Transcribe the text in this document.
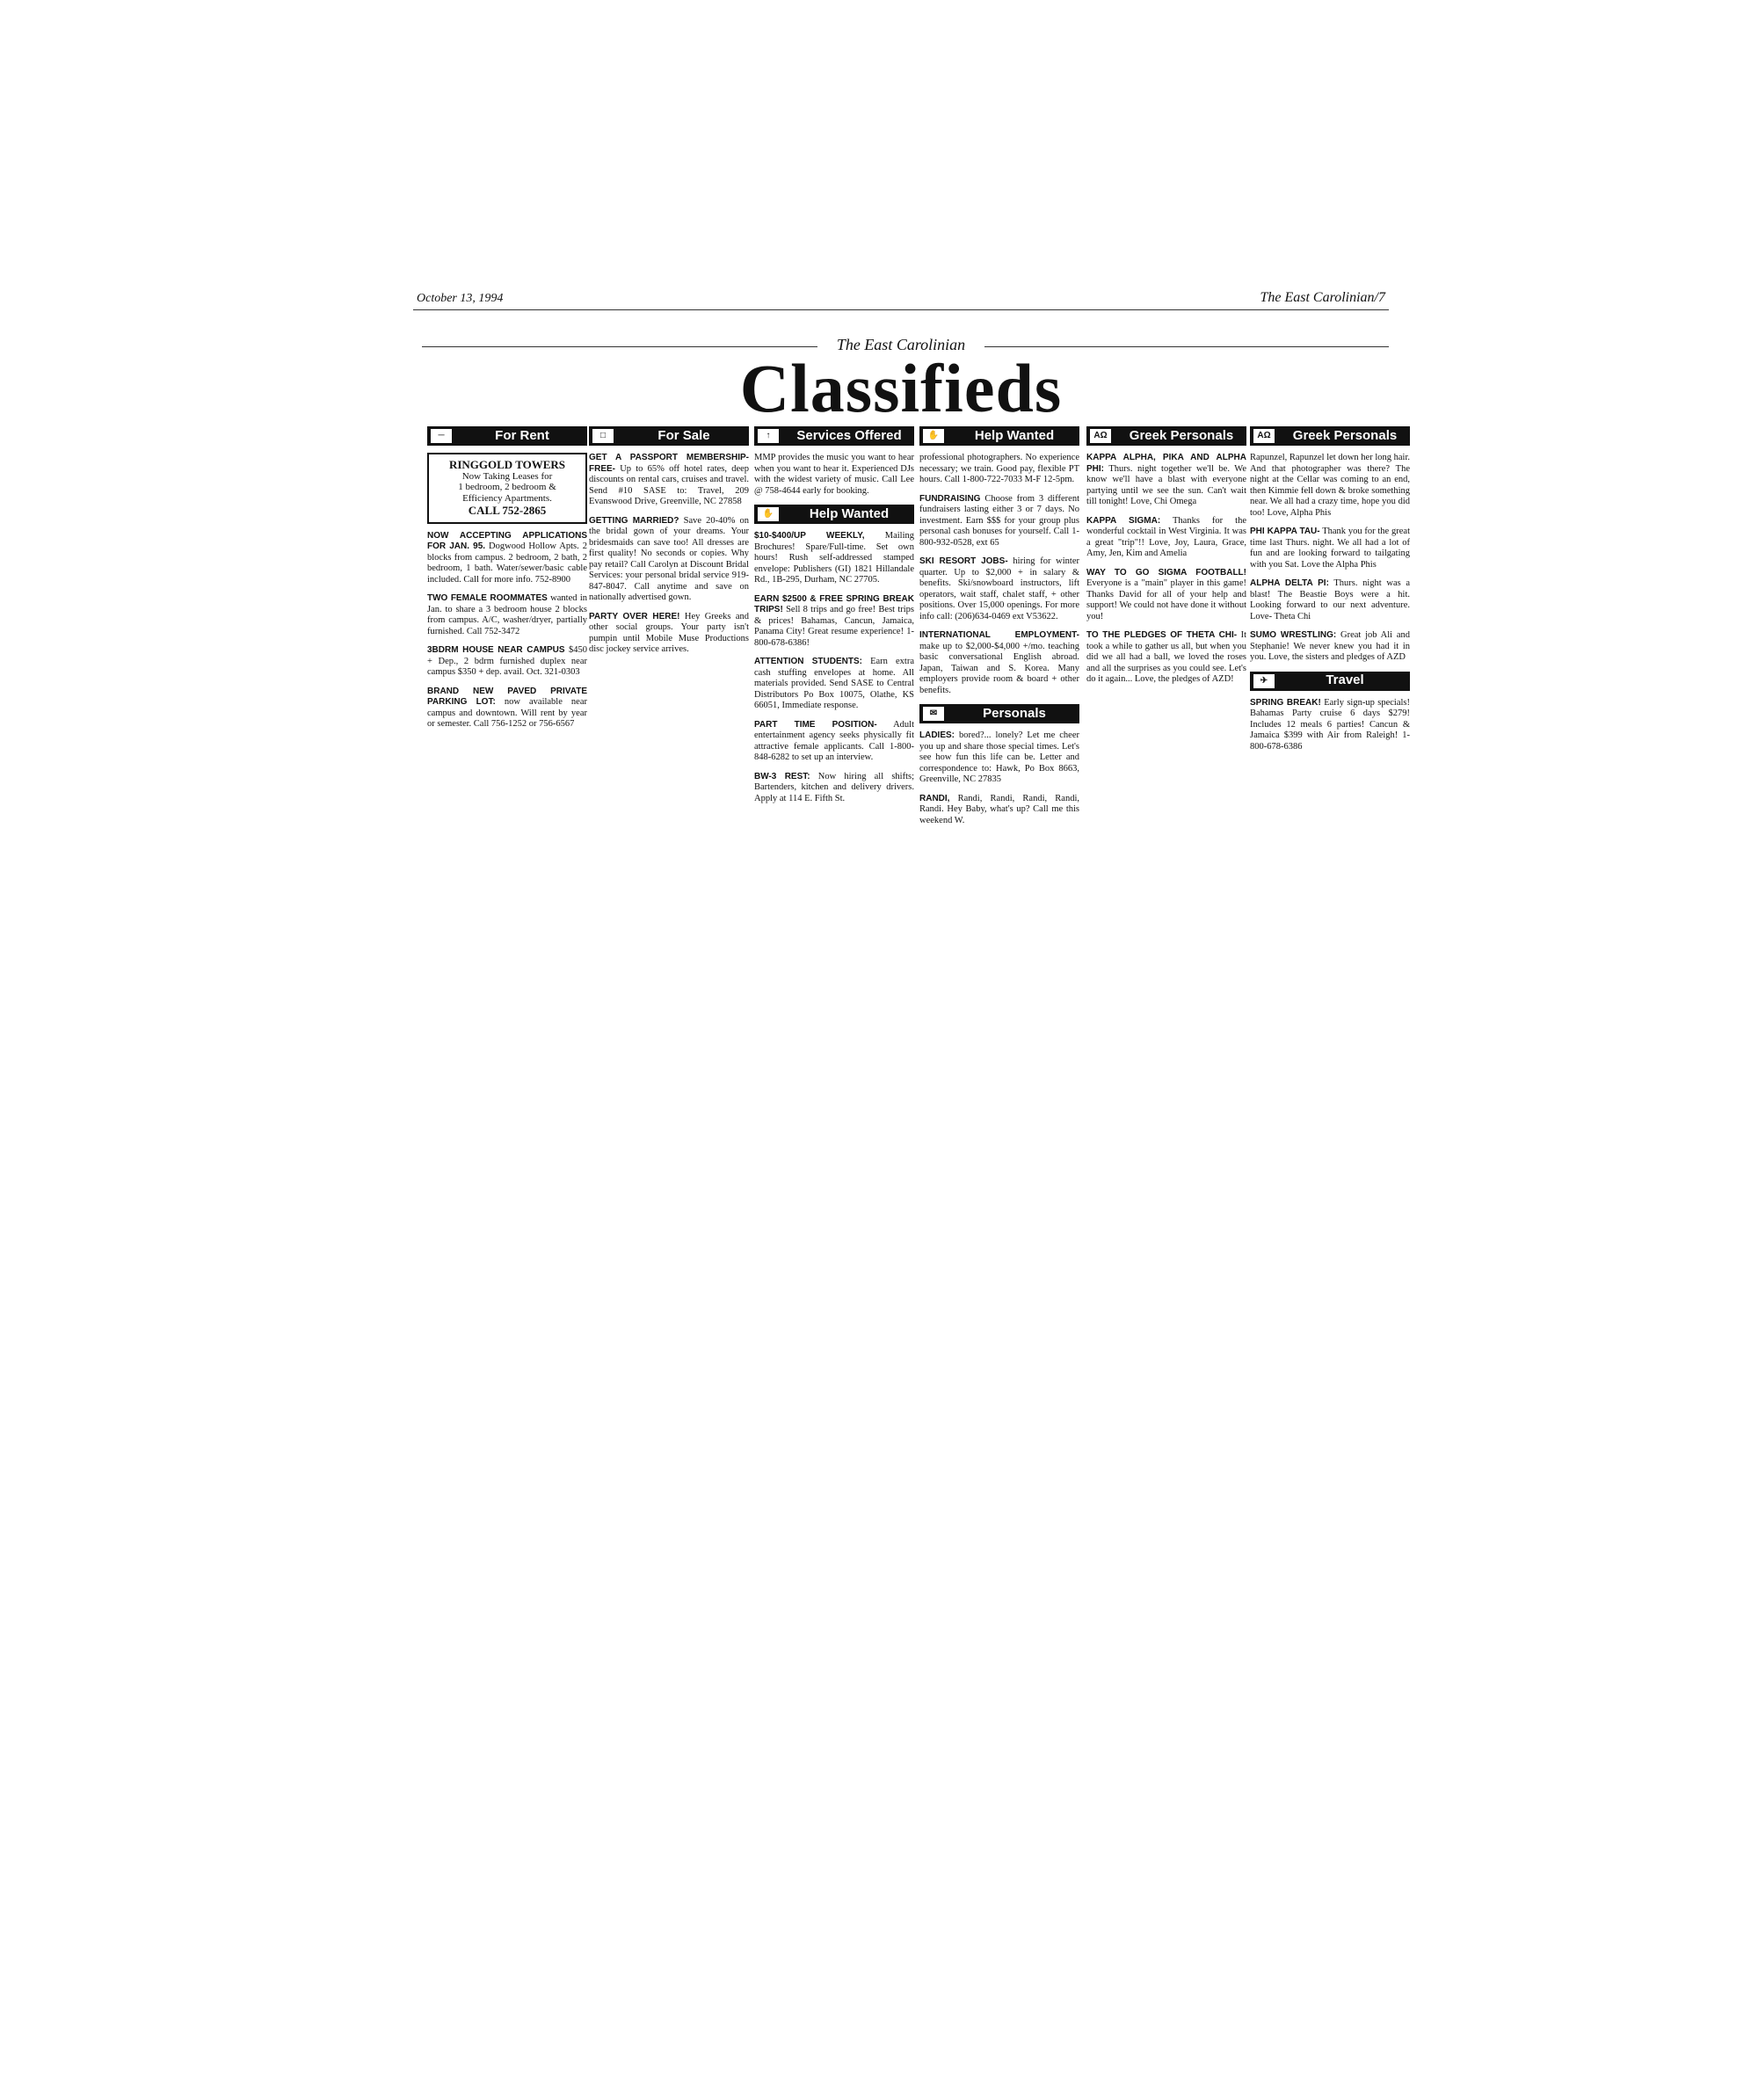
October 13, 1994	The East Carolinian/7
The East Carolinian
Classifieds
─	For Rent
RINGGOLD TOWERS
Now Taking Leases for
1 bedroom, 2 bedroom &
Efficiency Apartments.
CALL 752-2865
NOW ACCEPTING APPLICATIONS FOR JAN. 95. Dogwood Hollow Apts. 2 blocks from campus. 2 bedroom, 2 bath, 2 bedroom, 1 bath. Water/sewer/basic cable included. Call for more info. 752-8900
TWO FEMALE ROOMMATES wanted in Jan. to share a 3 bedroom house 2 blocks from campus. A/C, washer/dryer, partially furnished. Call 752-3472
3BDRM HOUSE NEAR CAMPUS $450 + Dep., 2 bdrm furnished duplex near campus $350 + dep. avail. Oct. 321-0303
BRAND NEW PAVED PRIVATE PARKING LOT: now available near campus and downtown. Will rent by year or semester. Call 756-1252 or 756-6567
□	For Sale
GET A PASSPORT MEMBERSHIP-FREE- Up to 65% off hotel rates, deep discounts on rental cars, cruises and travel. Send #10 SASE to: Travel, 209 Evanswood Drive, Greenville, NC 27858
GETTING MARRIED? Save 20-40% on the bridal gown of your dreams. Your bridesmaids can save too! All dresses are first quality! No seconds or copies. Why pay retail? Call Carolyn at Discount Bridal Services: your personal bridal service 919-847-8047. Call anytime and save on nationally advertised gown.
PARTY OVER HERE! Hey Greeks and other social groups. Your party isn't pumpin until Mobile Muse Productions disc jockey service arrives.
↑	Services Offered
MMP provides the music you want to hear when you want to hear it. Experienced DJs with the widest variety of music. Call Lee @ 758-4644 early for booking.
✋	Help Wanted
$10-$400/UP WEEKLY, Mailing Brochures! Spare/Full-time. Set own hours! Rush self-addressed stamped envelope: Publishers (GI) 1821 Hillandale Rd., 1B-295, Durham, NC 27705.
EARN $2500 & FREE SPRING BREAK TRIPS! Sell 8 trips and go free! Best trips & prices! Bahamas, Cancun, Jamaica, Panama City! Great resume experience! 1-800-678-6386!
ATTENTION STUDENTS: Earn extra cash stuffing envelopes at home. All materials provided. Send SASE to Central Distributors Po Box 10075, Olathe, KS 66051, Immediate response.
PART TIME POSITION- Adult entertainment agency seeks physically fit attractive female applicants. Call 1-800-848-6282 to set up an interview.
BW-3 REST: Now hiring all shifts; Bartenders, kitchen and delivery drivers. Apply at 114 E. Fifth St.
✋	Help Wanted
professional photographers. No experience necessary; we train. Good pay, flexible PT hours. Call 1-800-722-7033 M-F 12-5pm.
FUNDRAISING Choose from 3 different fundraisers lasting either 3 or 7 days. No investment. Earn $$$ for your group plus personal cash bonuses for yourself. Call 1-800-932-0528, ext 65
SKI RESORT JOBS- hiring for winter quarter. Up to $2,000 + in salary & benefits. Ski/snowboard instructors, lift operators, wait staff, chalet staff, + other positions. Over 15,000 openings. For more info call: (206)634-0469 ext V53622.
INTERNATIONAL EMPLOYMENT- make up to $2,000-$4,000 +/mo. teaching basic conversational English abroad. Japan, Taiwan and S. Korea. Many employers provide room & board + other benefits.
✉	Personals
LADIES: bored?... lonely? Let me cheer you up and share those special times. Let's see how fun this life can be. Letter and correspondence to: Hawk, Po Box 8663, Greenville, NC 27835
RANDI, Randi, Randi, Randi, Randi, Randi. Hey Baby, what's up? Call me this weekend W.
AΩ	Greek Personals
KAPPA ALPHA, PIKA AND ALPHA PHI: Thurs. night together we'll be. We know we'll have a blast with everyone partying until we see the sun. Can't wait till tonight! Love, Chi Omega
KAPPA SIGMA: Thanks for the wonderful cocktail in West Virginia. It was a great "trip"!! Love, Joy, Laura, Grace, Amy, Jen, Kim and Amelia
WAY TO GO SIGMA FOOTBALL! Everyone is a "main" player in this game! Thanks David for all of your help and support! We could not have done it without you!
TO THE PLEDGES OF THETA CHI- It took a while to gather us all, but when you did we all had a ball, we loved the roses and all the surprises as you could see. Let's do it again... Love, the pledges of AZD!
AΩ	Greek Personals
Rapunzel, Rapunzel let down her long hair. And that photographer was there? The night at the Cellar was coming to an end, then Kimmie fell down & broke something near. We all had a crazy time, hope you did too! Love, Alpha Phis
PHI KAPPA TAU- Thank you for the great time last Thurs. night. We all had a lot of fun and are looking forward to tailgating with you Sat. Love the Alpha Phis
ALPHA DELTA PI: Thurs. night was a blast! The Beastie Boys were a hit. Looking forward to our next adventure. Love- Theta Chi
SUMO WRESTLING: Great job Ali and Stephanie! We never knew you had it in you. Love, the sisters and pledges of AZD
✈	Travel
SPRING BREAK! Early sign-up specials! Bahamas Party cruise 6 days $279! Includes 12 meals 6 parties! Cancun & Jamaica $399 with Air from Raleigh! 1-800-678-6386
